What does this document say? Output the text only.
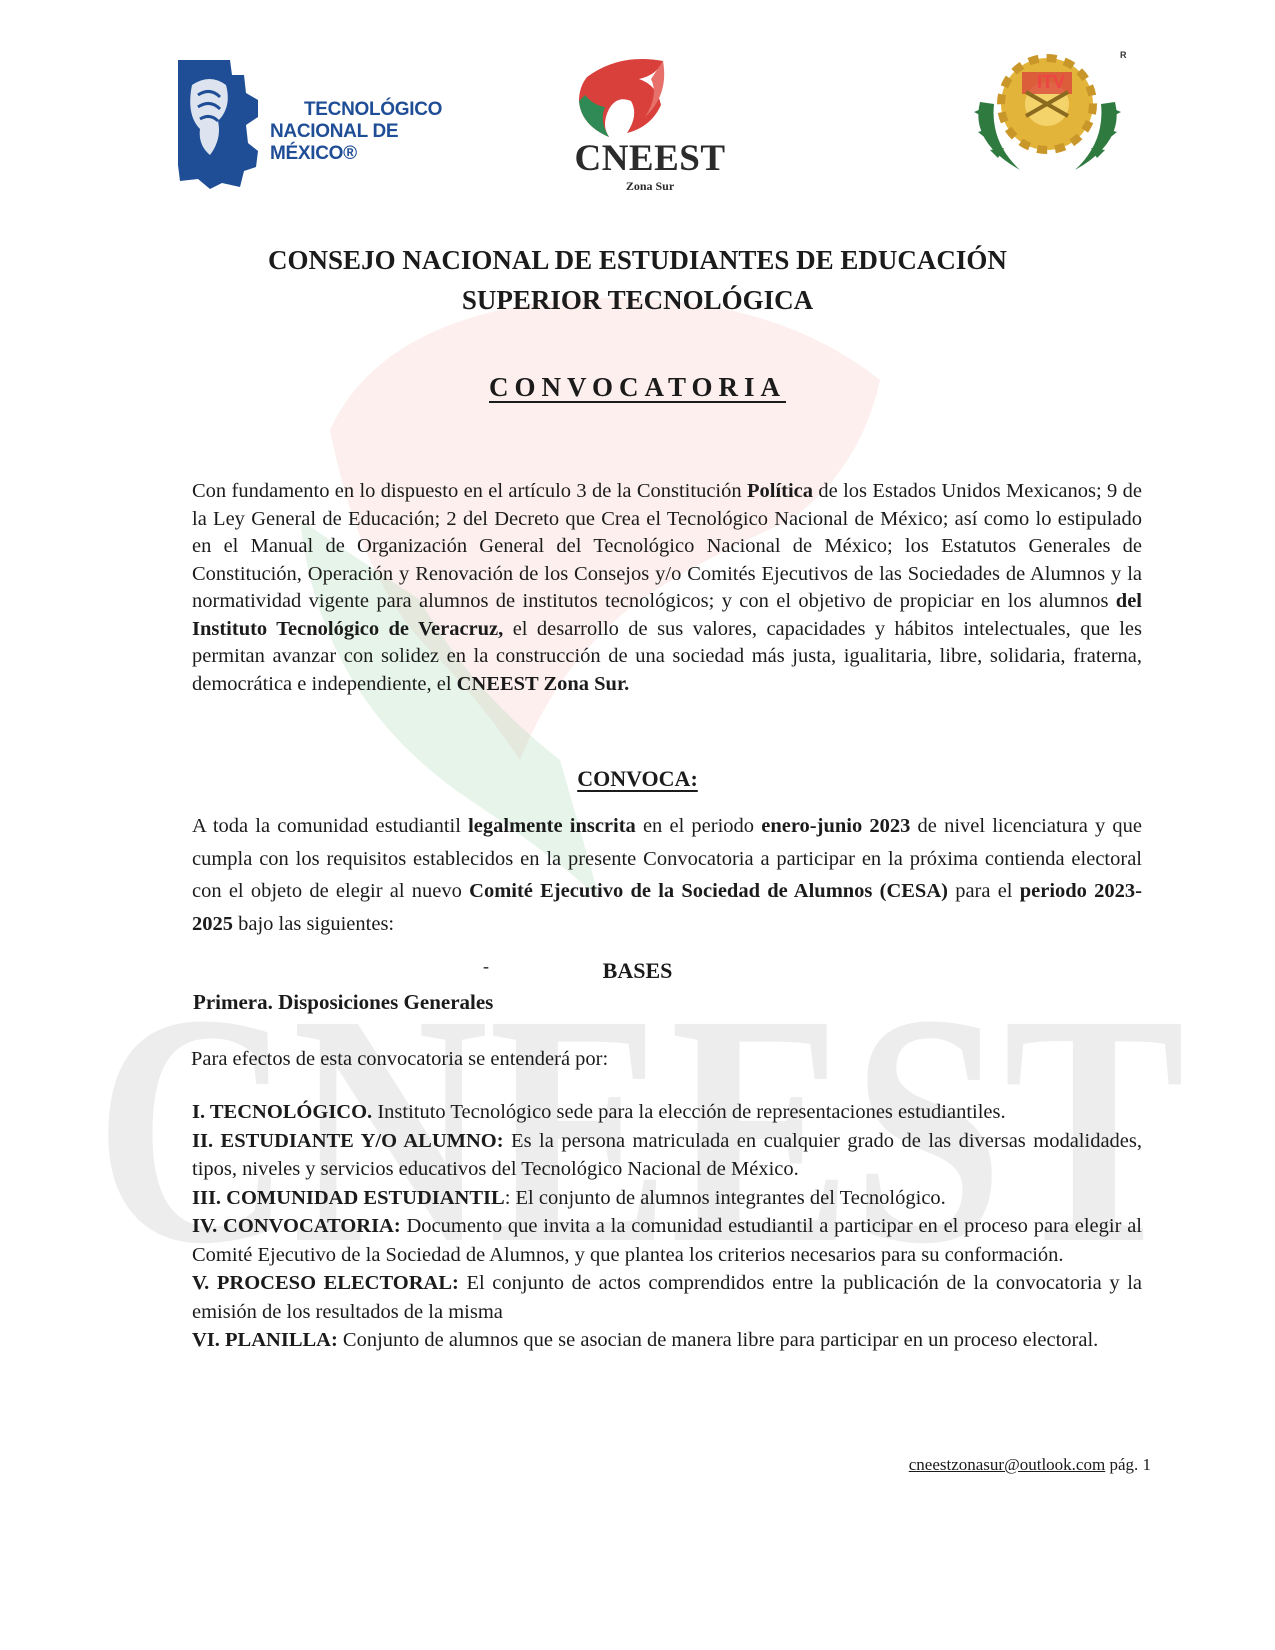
CNEEST
TECNOLÓGICO
NACIONAL DE MÉXICO®	CNEEST
Zona Sur
ITV
R
CONSEJO NACIONAL DE ESTUDIANTES DE EDUCACIÓN
SUPERIOR TECNOLÓGICA
CONVOCATORIA

Con fundamento en lo dispuesto en el artículo 3 de la Constitución Política de los Estados Unidos Mexicanos; 9 de la Ley General de Educación; 2 del Decreto que Crea el Tecnológico Nacional de México; así como lo estipulado en el Manual de Organización General del Tecnológico Nacional de México; los Estatutos Generales de Constitución, Operación y Renovación de los Consejos y/o Comités Ejecutivos de las Sociedades de Alumnos y la normatividad vigente para alumnos de institutos tecnológicos; y con el objetivo de propiciar en los alumnos del Instituto Tecnológico de Veracruz, el desarrollo de sus valores, capacidades y hábitos intelectuales, que les permitan avanzar con solidez en la construcción de una sociedad más justa, igualitaria, libre, solidaria, fraterna, democrática e independiente, el CNEEST Zona Sur.

CONVOCA:

A toda la comunidad estudiantil legalmente inscrita en el periodo enero-junio 2023 de nivel licenciatura y que cumpla con los requisitos establecidos en la presente Convocatoria a participar en la próxima contienda electoral con el objeto de elegir al nuevo Comité Ejecutivo de la Sociedad de Alumnos (CESA) para el periodo 2023-2025 bajo las siguientes:

-	BASES
Primera. Disposiciones Generales
Para efectos de esta convocatoria se entenderá por:

I. TECNOLÓGICO. Instituto Tecnológico sede para la elección de representaciones estudiantiles.

II. ESTUDIANTE Y/O ALUMNO: Es la persona matriculada en cualquier grado de las diversas modalidades, tipos, niveles y servicios educativos del Tecnológico Nacional de México.

III. COMUNIDAD ESTUDIANTIL: El conjunto de alumnos integrantes del Tecnológico.

IV. CONVOCATORIA: Documento que invita a la comunidad estudiantil a participar en el proceso para elegir al Comité Ejecutivo de la Sociedad de Alumnos, y que plantea los criterios necesarios para su conformación.

V. PROCESO ELECTORAL: El conjunto de actos comprendidos entre la publicación de la convocatoria y la emisión de los resultados de la misma

VI. PLANILLA: Conjunto de alumnos que se asocian de manera libre para participar en un proceso electoral.

cneestzonasur@outlook.com pág. 1
